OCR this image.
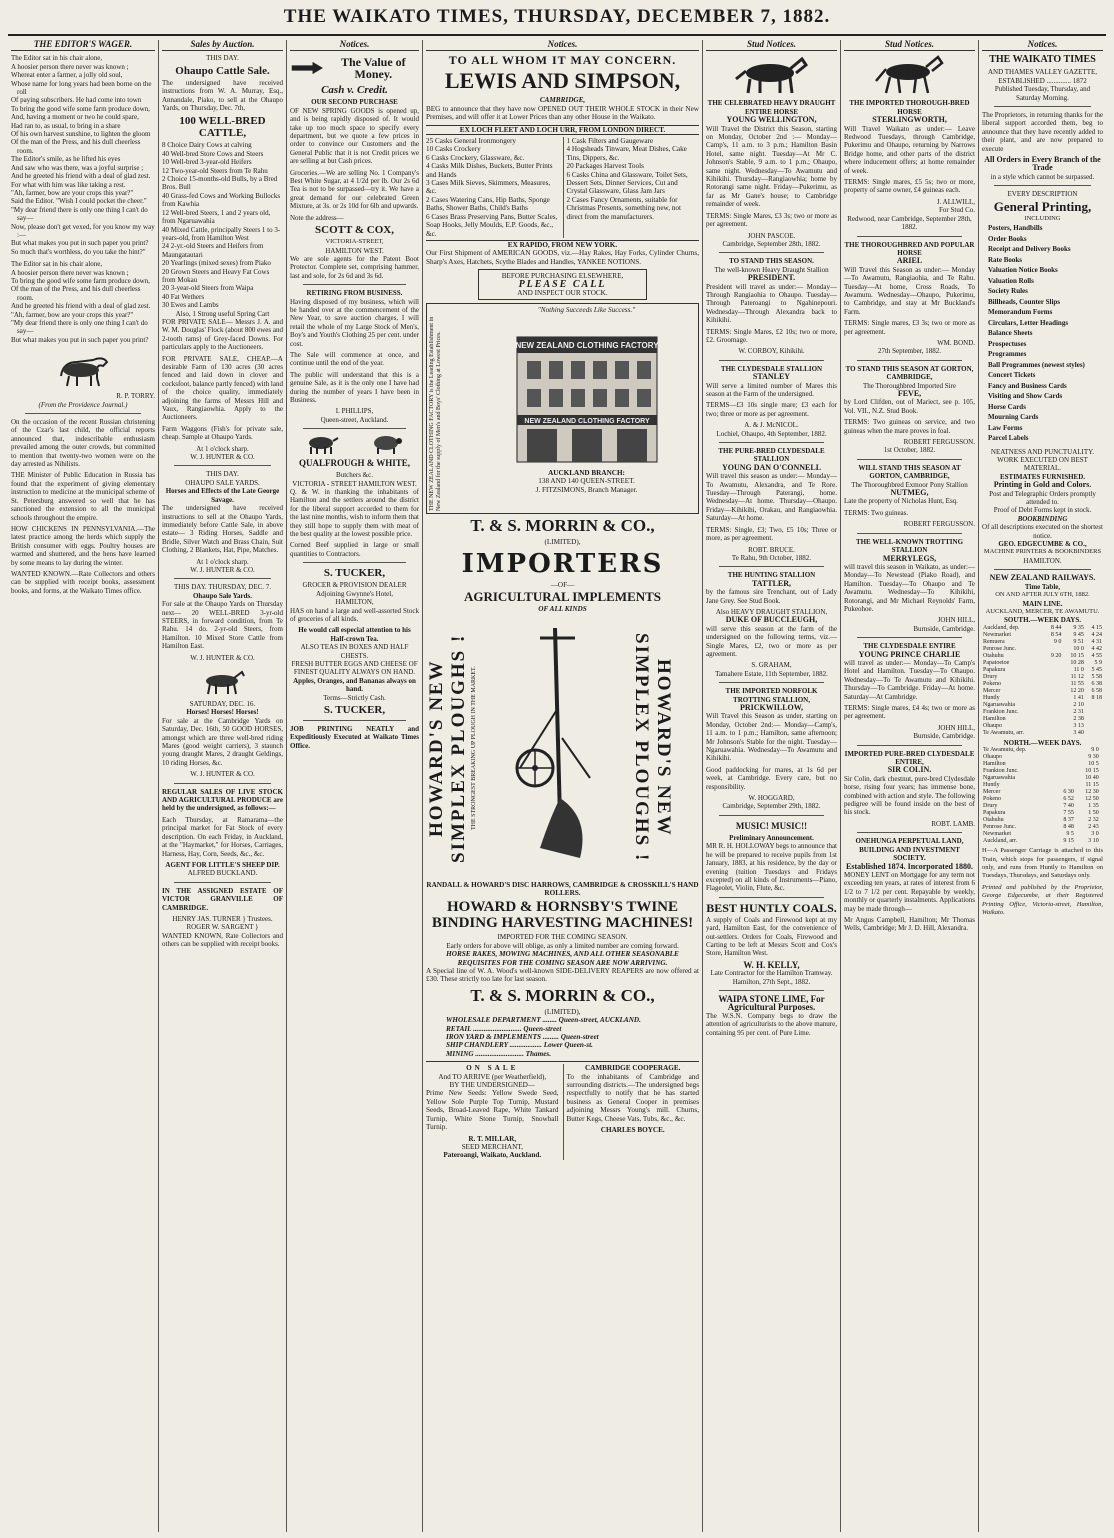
THE WAIKATO TIMES, THURSDAY, DECEMBER 7, 1882.
THE EDITOR'S WAGER.

The Editor sat in his chair alone,

A hoosier person there never was known ;

Whereat enter a farmer, a jolly old soul,

Whose name for long years had been borne on the roll

Of paying subscribers. He had come into town

To bring the good wife some farm produce down,

And, having a moment or two he could spare,

Had ran to, as usual, to bring in a share

Of his own harvest sunshine, to lighten the gloom

Of the man of the Press, and his dull cheerless room.

The Editor's smile, as he lifted his eyes

And saw who was there, was a joyful surprise ;

And he greeted his friend with a deal of glad zest.

For what with him was like taking a rest.

"Ah, farmer, bow are your crops this year?"

Said the Editor. "Wish I could pocket the cheer."

"My dear friend there is only one thing I can't do say—

Now, please don't get vexed, for you know my way :—

But what makes you put in such paper you print?

So much that's worthless, do you take the hint?"

The Editor sat in his chair alone,

A hoosier person there never was known ;

To bring the good wife some farm produce down,

Of the man of the Press, and his dull cheerless room.

And he greeted his friend with a deal of glad zest.

"Ah, farmer, bow are your crops this year?"

"My dear friend there is only one thing I can't do say—

But what makes you put in such paper you print?

R. P. TORRY.
(From the Providence Journal.)

On the occasion of the recent Russian christening of the Czar's last child, the official reports announced that, indescribable enthusiasm prevailed among the outer crowds, but committed to mention that twenty-two women were on the day arrested as Nihilists.

THE Minister of Public Education in Russia has found that the experiment of giving elementary instruction to medicine at the municipal scheme of St. Petersburg answered so well that he has sanctioned the extension to all the municipal schools throughout the empire.

HOW CHICKENS IN PENNSYLVANIA.—The latest practice among the herds which supply the British consumer with eggs. Poultry houses are warmed and shuttered, and the hens have learned by some means to lay during the winter.

WANTED KNOWN.—Rate Collectors and others can be supplied with receipt books, assessment books, and forms, at the Waikato Times office.

Sales by Auction.
THIS DAY.
Ohaupo Cattle Sale.

The undersigned have received instructions from W. A. Murray, Esq., Annandale, Piako, to sell at the Ohaupo Yards, on Thursday, Dec. 7th,

100 WELL-BRED CATTLE,
8 Choice Dairy Cows at calving
40 Well-bred Store Cows and Steers
10 Well-bred 3-year-old Heifers
12 Two-year-old Steers from Te Rahu
2 Choice 15-months-old Bulls, by a Bred Bros. Bull
40 Grass-fed Cows and Working Bullocks from Kawhia
12 Well-bred Steers, 1 and 2 years old, from Ngaruawahia
40 Mixed Cattle, principally Steers 1 to 3-years-old, from Hamilton West
24 2-yr.-old Steers and Heifers from Maungatautari
20 Yearlings (mixed sexes) from Piako
20 Grown Steers and Heavy Fat Cows from Mokau
20 3-year-old Steers from Waipa
40 Fat Wethers
30 Ewes and Lambs
Also, 1 Strong useful Spring Cart

FOR PRIVATE SALE— Messrs J. A. and W. M. Douglas' Flock (about 800 ewes and 2-tooth rams) of Grey-faced Downs. For particulars apply to the Auctioneers.

FOR PRIVATE SALE, CHEAP.—A desirable Farm of 130 acres (30 acres fenced and laid down in clover and cocksfoot, balance partly fenced) with land of the choice quality, immediately adjoining the farms of Messrs Hill and Vaux, Rangiaowhia. Apply to the Auctioneers.

Farm Waggons (Fish's for private sale, cheap. Sample at Ohaupo Yards.

At 1 o'clock sharp.
W. J. HUNTER & CO.
THIS DAY.
OHAUPO SALE YARDS.
Horses and Effects of the Late George Savage.

The undersigned have received instructions to sell at the Ohaupo Yards, immediately before Cattle Sale, in above estate— 3 Riding Horses, Saddle and Bridle, Silver Watch and Brass Chain, Suit Clothing, 2 Blankets, Hat, Pipe, Matches.

At 1 o'clock sharp.
W. J. HUNTER & CO.
THIS DAY. THURSDAY, DEC. 7.
Ohaupo Sale Yards.

For sale at the Ohaupo Yards on Thursday next— 20 WELL-BRED 3-yr-old STEERS, in forward condition, from Te Rahu. 14 do. 2-yr-old Steers, from Hamilton. 10 Mixed Store Cattle from Hamilton East.

W. J. HUNTER & CO.
SATURDAY, DEC. 16.
Horses! Horses! Horses!

For sale at the Cambridge Yards on Saturday, Dec. 16th, 50 GOOD HORSES, amongst which are three well-bred riding Mares (good weight carriers), 3 staunch young draught Mares, 2 draught Geldings, 10 riding Horses, &c.

W. J. HUNTER & CO.

REGULAR SALES OF LIVE STOCK AND AGRICULTURAL PRODUCE are held by the undersigned, as follows:—

Each Thursday, at Ramarama—the principal market for Fat Stock of every description. On each Friday, in Auckland, at the "Haymarket," for Horses, Carriages, Harness, Hay, Corn, Seeds, &c., &c.

AGENT FOR LITTLE'S SHEEP DIP.
ALFRED BUCKLAND.

IN THE ASSIGNED ESTATE OF VICTOR GRANVILLE OF CAMBRIDGE.

HENRY JAS. TURNER } Trustees. ROGER W. SARGENT }

WANTED KNOWN, Rate Collectors and others can be supplied with receipt books.

Notices.
The Value of Money.
Cash v. Credit.
OUR SECOND PURCHASE

OF NEW SPRING GOODS is opened up, and is being rapidly disposed of. It would take up too much space to specify every department, but we quote a few prices in order to convince our Customers and the General Public that it is not Credit prices we are selling at but Cash prices.

Groceries.—We are selling No. 1 Company's Best White Sugar, at 4 1/2d per lb. Our 2s 6d Tea is not to be surpassed—try it. We have a great demand for our celebrated Green Mixture, at 3s. or 2s 10d for 6lb and upwards.

Note the address—
SCOTT & COX,
VICTORIA-STREET,
HAMILTON WEST.

We are sole agents for the Patent Boot Protector. Complete set, comprising hammer, last and sole, for 2s 6d and 3s 6d.

RETIRING FROM BUSINESS.

Having disposed of my business, which will be handed over at the commencement of the New Year, to save auction charges, I will retail the whole of my Large Stock of Men's, Boy's and Youth's Clothing 25 per cent. under cost.

The Sale will commence at once, and continue until the end of the year.

The public will understand that this is a genuine Sale, as it is the only one I have had during the number of years I have been in Business.

I. PHILLIPS,
Queen-street, Auckland.
QUALFROUGH & WHITE,
Butchers &c.
VICTORIA - STREET HAMILTON WEST.

Q. & W. in thanking the inhabitants of Hamilton and the settlers around the district for the liberal support accorded to them for the last nine months, wish to inform them that they still hope to supply them with meat of the best quality at the lowest possible price.

Corned Beef supplied in large or small quantities to Contractors.

S. TUCKER,
GROCER & PROVISION DEALER
Adjoining Gwynne's Hotel,
HAMILTON,

HAS on hand a large and well-assorted Stock of groceries of all kinds.

He would call especial attention to his Half-crown Tea.
ALSO TEAS IN BOXES AND HALF CHESTS.
FRESH BUTTER EGGS AND CHEESE OF FINEST QUALITY ALWAYS ON HAND.
Apples, Oranges, and Bananas always on hand.
Terms—Strictly Cash.
S. TUCKER,

JOB PRINTING NEATLY and Expeditiously Executed at Waikato Times Office.

Notices.
TO ALL WHOM IT MAY CONCERN.
LEWIS AND SIMPSON,
CAMBRIDGE,

BEG to announce that they have now OPENED OUT THEIR WHOLE STOCK in their New Premises, and will offer it at Lower Prices than any other House in the Waikato.

EX LOCH FLEET AND LOCH URR, FROM LONDON DIRECT.
25 Casks General Ironmongery
10 Casks Crockery
6 Casks Crockery, Glassware, &c.
4 Casks Milk Dishes, Buckets, Butter Prints and Hands
3 Cases Milk Sieves, Skimmers, Measures, &c.
2 Cases Watering Cans, Hip Baths, Sponge Baths, Shower Baths, Child's Baths
6 Cases Brass Preserving Pans, Butter Scales, Soap Hooks, Jelly Moulds, E.P. Goods, &c., &c.
1 Cask Filters and Gaugeware
4 Hogsheads Tinware, Meat Dishes, Cake Tins, Dippers, &c.
20 Packages Harvest Tools
6 Casks China and Glassware, Toilet Sets, Dessert Sets, Dinner Services, Cut and Crystal Glassware, Glass Jam Jars
2 Cases Fancy Ornaments, suitable for Christmas Presents, something new, not direct from the manufacturers.
EX RAPIDO, FROM NEW YORK.

Our First Shipment of AMERICAN GOODS, viz.—Hay Rakes, Hay Forks, Cylinder Churns, Sharp's Axes, Hatchets, Scythe Blades and Handles, YANKEE NOTIONS.

BEFORE PURCHASING ELSEWHERE,
PLEASE CALL
AND INSPECT OUR STOCK.
THE NEW ZEALAND CLOTHING FACTORY is the Leading Establishment in New Zealand for the supply of Men's and Boys' Clothing at Lowest Prices.
"Nothing Succeeds Like Success."
NEW ZEALAND CLOTHING FACTORY
NEW ZEALAND CLOTHING FACTORY
AUCKLAND BRANCH:
138 AND 140 QUEEN-STREET.
J. FITZSIMONS, Branch Manager.
T. & S. MORRIN & CO.,
(LIMITED),
IMPORTERS
—OF—
AGRICULTURAL IMPLEMENTS
OF ALL KINDS
HOWARD'S NEW SIMPLEX PLOUGHS ! THE STRONGEST BREAKING UP PLOUGH IN THE MARKET.	HOWARD'S NEW SIMPLEX PLOUGHS !
RANDALL & HOWARD'S DISC HARROWS, CAMBRIDGE & CROSSKILL'S HAND ROLLERS.
HOWARD & HORNSBY'S TWINE BINDING HARVESTING MACHINES!
IMPORTED FOR THE COMING SEASON.
Early orders for above will oblige, as only a limited number are coming forward.
HORSE RAKES, MOWING MACHINES, AND ALL OTHER SEASONABLE REQUISITES FOR THE COMING SEASON ARE NOW ARRIVING.

A Special line of W. A. Wood's well-known SIDE-DELIVERY REAPERS are now offered at £30. These strictly too late for last season.

T. & S. MORRIN & CO.,
(LIMITED),
WHOLESALE DEPARTMENT ........ Queen-street, AUCKLAND.
RETAIL ........................... Queen-street
IRON YARD & IMPLEMENTS ......... Queen-street
SHIP CHANDLERY .................. Lower Queen-st.
MINING ........................... Thames.
ON SALE
And TO ARRIVE (per Weatherfield),
BY THE UNDERSIGNED—

Prime New Seeds: Yellow Swede Seed, Yellow Sole Purple Top Turnip, Mustard Seeds, Broad-Leaved Rape, White Tankard Turnip, White Stone Turnip, Snowball Turnip.

R. T. MILLAR,
SEED MERCHANT,
Pateroangi, Waikato, Auckland.
CAMBRIDGE COOPERAGE.

To the inhabitants of Cambridge and surrounding districts.—The undersigned begs respectfully to notify that he has started business as General Cooper in premises adjoining Messrs Young's mill. Churns, Butter Kegs, Cheese Vats, Tubs, &c., &c.

CHARLES BOYCE.
Stud Notices.
THE CELEBRATED HEAVY DRAUGHT ENTIRE HORSE
YOUNG WELLINGTON,

Will Travel the District this Season, starting on Monday, October 2nd :— Monday—Camp's, 11 a.m. to 3 p.m.; Hamilton Basin Hotel, same night. Tuesday—At Mr C. Johnson's Stable, 9 a.m. to 1 p.m.; Ohaupo, same night. Wednesday—To Awamutu and Kihikihi. Thursday—Rangiaowhia; home by Rotorangi same night. Friday—Pukerimu, as far as Mr Gane's house; to Cambridge remainder of week.

TERMS: Single Mares, £3 3s; two or more as per agreement.

JOHN PASCOE.
Cambridge, September 28th, 1882.
TO STAND THIS SEASON.
The well-known Heavy Draught Stallion
PRESIDENT.

President will travel as under:— Monday—Through Rangiaohia to Ohaupo. Tuesday—Through Pateroangi to Ngahinepouri. Wednesday—Through Alexandra back to Kihikihi.

TERMS: Single Mares, £2 10s; two or more, £2. Groomage.

W. CORBOY, Kihikihi.
THE CLYDESDALE STALLION
STANLEY

Will serve a limited number of Mares this season at the Farm of the undersigned.

TERMS—£3 10s single mare; £3 each for two; three or more as per agreement.

A. & J. McNICOL.
Lochiel, Ohaupo, 4th September, 1882.
THE PURE-BRED CLYDESDALE STALLION
YOUNG DAN O'CONNELL

Will travel this season as under:— Monday—To Awamutu, Alexandra, and Te Rore. Tuesday—Through Paterangi, home. Wednesday—At home. Thursday—Ohaupo. Friday—Kihikihi, Orakau, and Rangiaowhia. Saturday—At home.

TERMS: Single, £3; Two, £5 10s; Three or more, as per agreement.

ROBT. BRUCE.
Te Rahu, 9th October, 1882.
THE HUNTING STALLION
TATTLER,

by the famous sire Trenchant, out of Lady Jane Grey. See Stud Book.

Also HEAVY DRAUGHT STALLION,
DUKE OF BUCCLEUGH,

will serve this season at the farm of the undersigned on the following terms, viz.—Single Mares, £2, two or more as per agreement.

S. GRAHAM,
Tamahere Estate, 11th September, 1882.
THE IMPORTED NORFOLK TROTTING STALLION,
PRICKWILLOW,

Will Travel this Season as under, starting on Monday, October 2nd:— Monday—Camp's, 11 a.m. to 1 p.m.; Hamilton, same afternoon; Mr Johnson's Stable for the night. Tuesday—Ngaruawahia. Wednesday—To Awamutu and Kihikihi.

Good paddocking for mares, at 1s 6d per week, at Cambridge. Every care, but no responsibility.

W. HOGGARD,
Cambridge, September 29th, 1882.
MUSIC! MUSIC!!
Preliminary Announcement.

MR R. H. HOLLOWAY begs to announce that he will be prepared to receive pupils from 1st January, 1883, at his residence, by the day or evening (tuition Tuesdays and Fridays excepted) on all kinds of Instruments—Piano, Flageolet, Violin, Flute, &c.

BEST HUNTLY COALS.

A supply of Coals and Firewood kept at my yard, Hamilton East, for the convenience of out-settlers. Orders for Coals, Firewood and Carting to be left at Messrs Scott and Cox's Store, Hamilton West.

W. H. KELLY,
Late Contractor for the Hamilton Tramway.
Hamilton, 27th Sept., 1882.
WAIPA STONE LIME, For Agricultural Purposes.

The W.S.N. Company begs to draw the attention of agriculturists to the above manure, containing 95 per cent. of Pure Lime.

Stud Notices.
THE IMPORTED THOROUGH-BRED HORSE
STERLINGWORTH,

Will Travel Waikato as under:— Leave Redwood Tuesdays, through Cambridge, Pukerimu and Ohaupo, returning by Narrows Bridge home, and other parts of the district where inducement offers; at home remainder of week.

TERMS: Single mares, £5 5s; two or more, property of same owner, £4 guineas each.

J. ALLWILL,
For Stud Co.
Redwood, near Cambridge, September 28th, 1882.
THE THOROUGHBRED AND POPULAR HORSE
ARIEL

Will Travel this Season as under:— Monday—To Awamutu, Rangiaohia, and Te Rahu. Tuesday—At home, Cross Roads, To Awamutu. Wednesday—Ohaupo, Pukerimu, to Cambridge, and stay at Mr Buckland's Farm.

TERMS: Single mares, £3 3s; two or more as per agreement.

WM. BOND.
27th September, 1882.
TO STAND THIS SEASON AT GORTON, CAMBRIDGE,
The Thoroughbred Imported Sire
FEVE,

by Lord Clifden, out of Mariect, see p. 105, Vol. VII., N.Z. Stud Book.

TERMS: Two guineas on service, and two guineas when the mare proves in foal.

ROBERT FERGUSSON.
1st October, 1882.
WILL STAND THIS SEASON AT GORTON, CAMBRIDGE,
The Thoroughbred Exmoor Pony Stallion
NUTMEG,

Late the property of Nicholas Hunt, Esq.

TERMS: Two guineas.

ROBERT FERGUSSON.
THE WELL-KNOWN TROTTING STALLION
MERRYLEGS,

will travel this season in Waikato, as under:— Monday—To Newstead (Piako Road), and Hamilton. Tuesday—To Ohaupo and Te Awamutu. Wednesday—To Kihikihi, Rotorangi, and Mr Michael Reynolds' Farm, Pukeohoe.

JOHN HILL,
Burnside, Cambridge.
THE CLYDESDALE ENTIRE
YOUNG PRINCE CHARLIE

will travel as under:— Monday—To Camp's Hotel and Hamilton. Tuesday—To Ohaupo. Wednesday—To Te Awamutu and Kihikihi. Thursday—To Cambridge. Friday—At home. Saturday—At Cambridge.

TERMS: Single mares, £4 4s; two or more as per agreement.

JOHN HILL,
Burnside, Cambridge.
IMPORTED PURE-BRED CLYDESDALE ENTIRE,
SIR COLIN.

Sir Colin, dark chestnut, pure-bred Clydesdale horse, rising four years; has immense bone, combined with action and style. The following pedigree will be found inside on the best of his stock.

ROBT. LAMB.
ONEHUNGA PERPETUAL LAND, BUILDING AND INVESTMENT SOCIETY.
Established 1874. Incorporated 1880.

MONEY LENT on Mortgage for any term not exceeding ten years, at rates of interest from 6 1/2 to 7 1/2 per cent. Repayable by weekly, monthly or quarterly instalments. Applications may be made through—

Mr Angus Campbell, Hamilton; Mr Thomas Wells, Cambridge; Mr J. D. Hill, Alexandra.

Notices.
THE WAIKATO TIMES
AND THAMES VALLEY GAZETTE,
ESTABLISHED .............. 1872
Published Tuesday, Thursday, and Saturday Morning.

The Proprietors, in returning thanks for the liberal support accorded them, beg to announce that they have recently added to their plant, and are now prepared to execute

All Orders in Every Branch of the Trade
in a style which cannot be surpassed.
EVERY DESCRIPTION
General Printing,
INCLUDING
Posters, Handbills
Order Books
Receipt and Delivery Books
Rate Books
Valuation Notice Books
Valuation Rolls
Society Rules
Billheads, Counter Slips
Memorandum Forms
Circulars, Letter Headings
Balance Sheets
Prospectuses
Programmes
Ball Programmes (newest styles)
Concert Tickets
Fancy and Business Cards
Visiting and Show Cards
Horse Cards
Mourning Cards
Law Forms
Parcel Labels
NEATNESS AND PUNCTUALITY.
WORK EXECUTED ON BEST MATERIAL.
ESTIMATES FURNISHED.
Printing in Gold and Colors.
Post and Telegraphic Orders promptly attended to.
Proof of Debt Forms kept in stock.
BOOKBINDING
Of all descriptions executed on the shortest notice.
GEO. EDGECUMBE & CO.,
MACHINE PRINTERS & BOOKBINDERS
HAMILTON.
NEW ZEALAND RAILWAYS.
Time Table,
ON AND AFTER JULY 6TH, 1882.
MAIN LINE.
AUCKLAND, MERCER, TE AWAMUTU.
SOUTH.—WEEK DAYS.
Auckland, dep.	8 44	9 35	4 15
Newmarket	8 54	9 45	4 24
Remuera	9 0	9 51	4 31
Penrose Junc.		10 0	4 42
Otahuhu	9 20	10 15	4 55
Papatoetoe		10 28	5 9
Papakura		11 0	5 45
Drury		11 12	5 58
Pokeno		11 55	6 38
Mercer		12 20	6 58
Huntly		1 41	8 18
Ngaruawahia		2 10	
Frankton Junc.		2 31	
Hamilton		2 38	
Ohaupo		3 13	
Te Awamutu, arr.		3 40	
NORTH.—WEEK DAYS.
Te Awamutu, dep.		9 0	
Ohaupo		9 30	
Hamilton		10 5	
Frankton Junc.		10 15	
Ngaruawahia		10 40	
Huntly		11 15	
Mercer	6 30	12 30	
Pokeno	6 52	12 50	
Drury	7 40	1 35	
Papakura	7 55	1 50	
Otahuhu	8 37	2 32	
Penrose Junc.	8 48	2 43	
Newmarket	9 5	3 0	
Auckland, arr.	9 15	3 10	

H—A Passenger Carriage is attached to this Train, which stops for passengers, if signal only, and runs from Huntly to Hamilton on Tuesdays, Thursdays, and Saturdays only.

Printed and published by the Proprietor, George Edgecumbe, at their Registered Printing Office, Victoria-street, Hamilton, Waikato.
